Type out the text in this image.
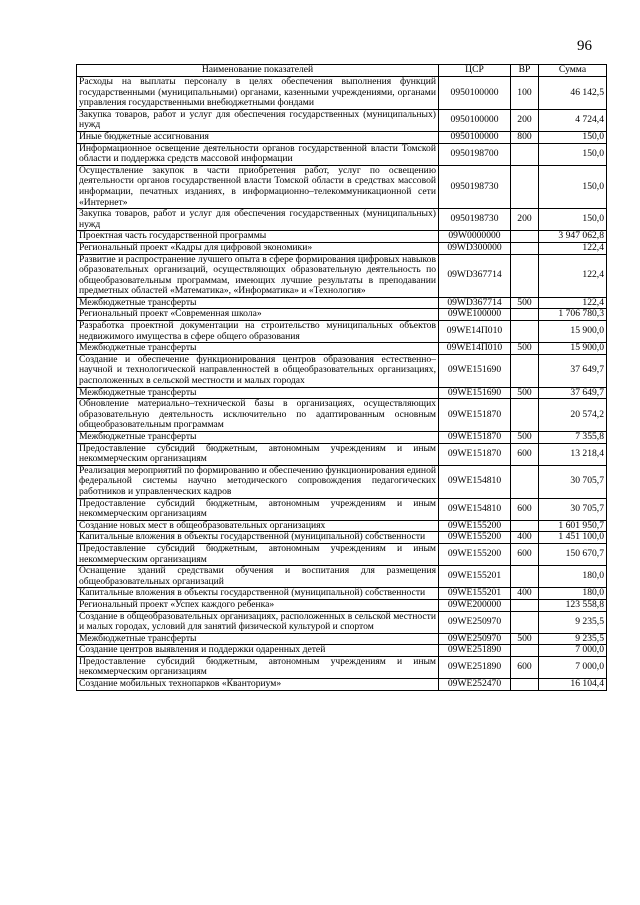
96
Наименование показателей	ЦСР	ВР	Сумма
Расходы на выплаты персоналу в целях обеспечения выполнения функций государственными (муниципальными) органами, казенными учреждениями, органами управления государственными внебюджетными фондами	0950100000	100	46 142,5
Закупка товаров, работ и услуг для обеспечения государственных (муниципальных) нужд	0950100000	200	4 724,4
Иные бюджетные ассигнования	0950100000	800	150,0
Информационное освещение деятельности органов государственной власти Томской области и поддержка средств массовой информации	0950198700		150,0
Осуществление закупок в части приобретения работ, услуг по освещению деятельности органов государственной власти Томской области в средствах массовой информации, печатных изданиях, в информационно–телекоммуникационной сети «Интернет»	0950198730		150,0
Закупка товаров, работ и услуг для обеспечения государственных (муниципальных) нужд	0950198730	200	150,0
Проектная часть государственной программы	09W0000000		3 947 062,8
Региональный проект «Кадры для цифровой экономики»	09WD300000		122,4
Развитие и распространение лучшего опыта в сфере формирования цифровых навыков образовательных организаций, осуществляющих образовательную деятельность по общеобразовательным программам, имеющих лучшие результаты в преподавании предметных областей «Математика», «Информатика» и «Технология»	09WD367714		122,4
Межбюджетные трансферты	09WD367714	500	122,4
Региональный проект «Современная школа»	09WE100000		1 706 780,3
Разработка проектной документации на строительство муниципальных объектов недвижимого имущества в сфере общего образования	09WE14П010		15 900,0
Межбюджетные трансферты	09WE14П010	500	15 900,0
Создание и обеспечение функционирования центров образования естественно–научной и технологической направленностей в общеобразовательных организациях, расположенных в сельской местности и малых городах	09WE151690		37 649,7
Межбюджетные трансферты	09WE151690	500	37 649,7
Обновление материально–технической базы в организациях, осуществляющих образовательную деятельность исключительно по адаптированным основным общеобразовательным программам	09WE151870		20 574,2
Межбюджетные трансферты	09WE151870	500	7 355,8
Предоставление субсидий бюджетным, автономным учреждениям и иным некоммерческим организациям	09WE151870	600	13 218,4
Реализация мероприятий по формированию и обеспечению функционирования единой федеральной системы научно методического сопровождения педагогических работников и управленческих кадров	09WE154810		30 705,7
Предоставление субсидий бюджетным, автономным учреждениям и иным некоммерческим организациям	09WE154810	600	30 705,7
Создание новых мест в общеобразовательных организациях	09WE155200		1 601 950,7
Капитальные вложения в объекты государственной (муниципальной) собственности	09WE155200	400	1 451 100,0
Предоставление субсидий бюджетным, автономным учреждениям и иным некоммерческим организациям	09WE155200	600	150 670,7
Оснащение зданий средствами обучения и воспитания для размещения общеобразовательных организаций	09WE155201		180,0
Капитальные вложения в объекты государственной (муниципальной) собственности	09WE155201	400	180,0
Региональный проект «Успех каждого ребенка»	09WE200000		123 558,8
Создание в общеобразовательных организациях, расположенных в сельской местности и малых городах, условий для занятий физической культурой и спортом	09WE250970		9 235,5
Межбюджетные трансферты	09WE250970	500	9 235,5
Создание центров выявления и поддержки одаренных детей	09WE251890		7 000,0
Предоставление субсидий бюджетным, автономным учреждениям и иным некоммерческим организациям	09WE251890	600	7 000,0
Создание мобильных технопарков «Кванториум»	09WE252470		16 104,4
